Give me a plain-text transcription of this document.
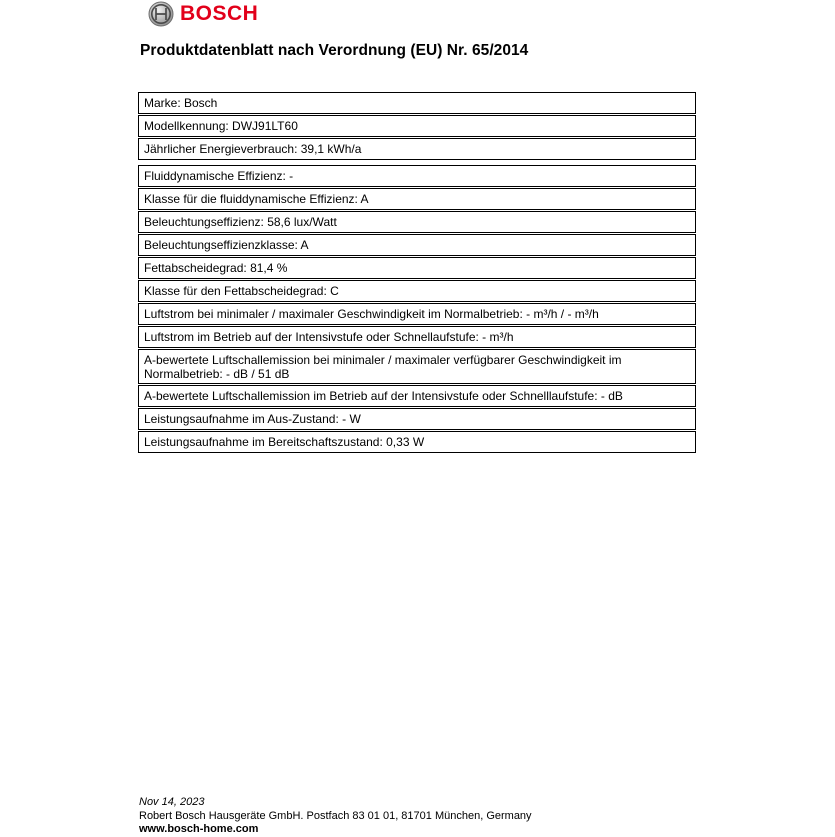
BOSCH
Produktdatenblatt nach Verordnung (EU) Nr. 65/2014
Marke: Bosch
Modellkennung: DWJ91LT60
Jährlicher Energieverbrauch: 39,1 kWh/a
Fluiddynamische Effizienz: -
Klasse für die fluiddynamische Effizienz: A
Beleuchtungseffizienz: 58,6 lux/Watt
Beleuchtungseffizienzklasse: A
Fettabscheidegrad: 81,4 %
Klasse für den Fettabscheidegrad: C
Luftstrom bei minimaler / maximaler Geschwindigkeit im Normalbetrieb: - m³/h / - m³/h
Luftstrom im Betrieb auf der Intensivstufe oder Schnellaufstufe: - m³/h
A-bewertete Luftschallemission bei minimaler / maximaler verfügbarer Geschwindigkeit im Normalbetrieb: - dB / 51 dB
A-bewertete Luftschallemission im Betrieb auf der Intensivstufe oder Schnelllaufstufe: - dB
Leistungsaufnahme im Aus-Zustand: - W
Leistungsaufnahme im Bereitschaftszustand: 0,33 W
Nov 14, 2023
Robert Bosch Hausgeräte GmbH. Postfach 83 01 01, 81701 München, Germany
www.bosch-home.com
